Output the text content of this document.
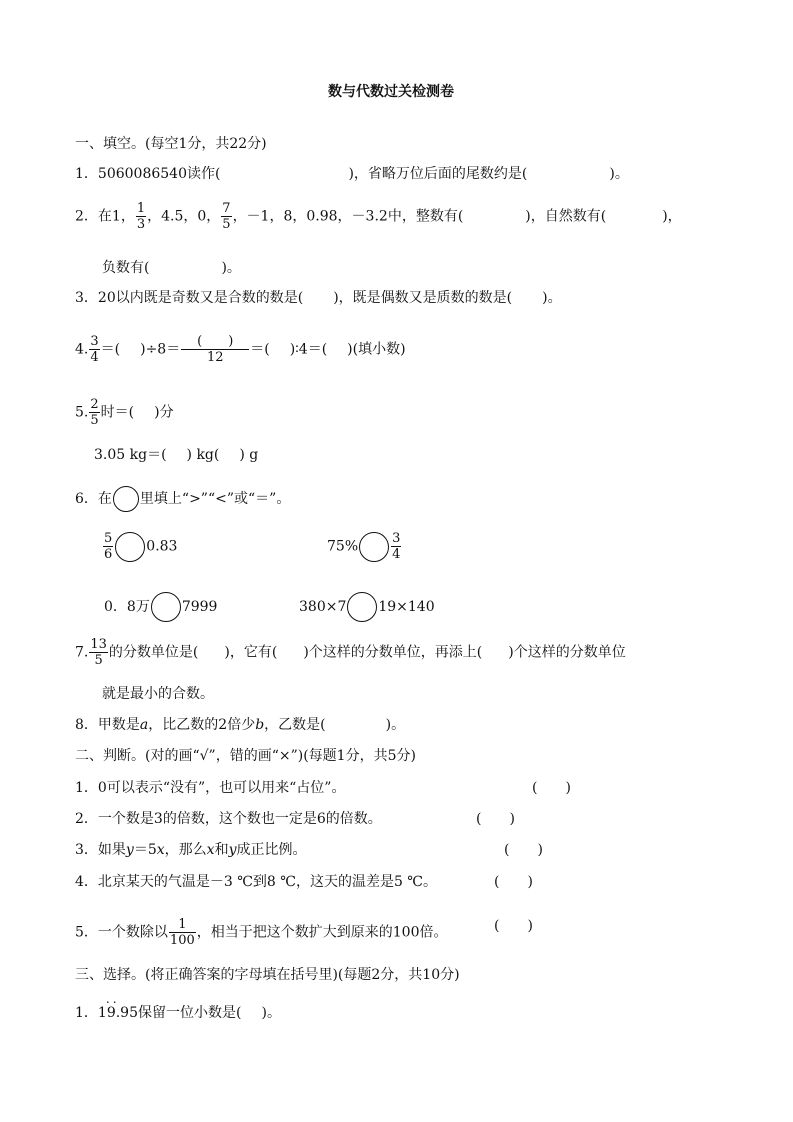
数与代数过关检测卷
一、填空。(每空1分，共22分)
1．5060086540读作(	)，省略万位后面的尾数约是(	)。
2．在1， $\frac{1}{3}$ ，4.5，0， $\frac{7}{5}$ ，－1，8，0.98，－3.2中，整数有(	)，自然数有(	)，
负数有(	)。
3．20以内既是奇数又是合数的数是( )，既是偶数又是质数的数是( )。
4. $\frac{3}{4}$ ＝( )$\div 8= \frac{( )}{12}$ ＝( )∶4＝( )(填小数)
5. $\frac{2}{5}$ 时＝( )分
3.05 kg＝( ) kg( ) g
6．在 里填上“>”“<”或“＝”。
$\frac{5}{6} 0.83$	75%	$\frac{3}{4}$
0．8万 7999	380×7 19×140
7. $\frac{13}{5}$ 的分数单位是( )，它有( )个这样的分数单位，再添上( )个这样的分数单位
就是最小的合数。
8．甲数是a，比乙数的2倍少b，乙数是(	)。
二、判断。(对的画“√”，错的画“×”)(每题1分，共5分)
1．0可以表示“没有”，也可以用来“占位”。	(　　)
2．一个数是3的倍数，这个数也一定是6的倍数。	(　　)
3．如果y＝5x，那么x和y成正比例。	(　　)
4．北京某天的气温是－3 ℃到8 ℃，这天的温差是5 ℃。	(　　)
5．一个数除以 $\frac{1}{100}$ ，相当于把这个数扩大到原来的100倍。	(　　)
三、选择。(将正确答案的字母填在括号里)(每题2分，共10分)
1．
..
19.95保留一位小数是( )。
